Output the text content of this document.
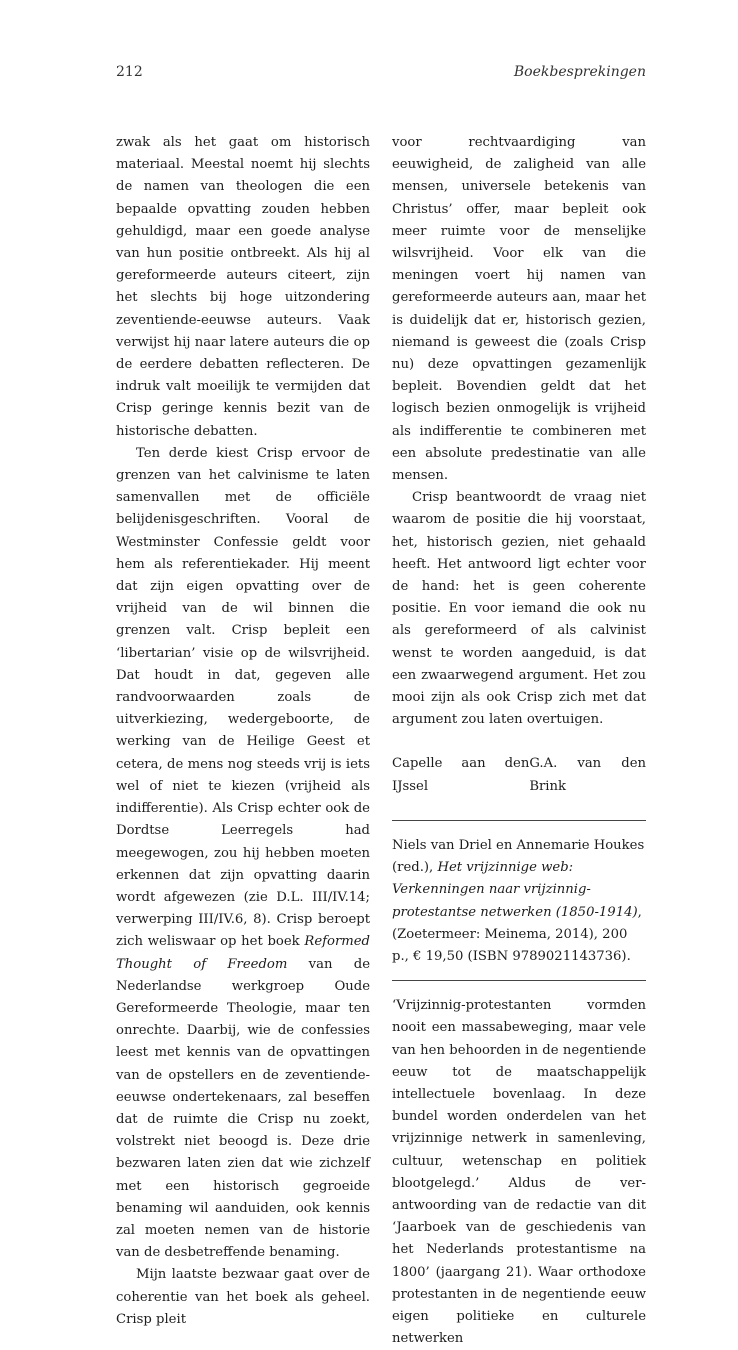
212	Boekbesprekingen

zwak als het gaat om historisch materiaal. Meestal noemt hij slechts de namen van theologen die een bepaalde opvatting zouden hebben gehuldigd, maar een goede analyse van hun positie ontbreekt. Als hij al gereformeerde auteurs citeert, zijn het slechts bij hoge uitzondering zeventiende-eeuwse auteurs. Vaak verwijst hij naar latere auteurs die op de eerdere debatten reflecteren. De indruk valt moeilijk te vermijden dat Crisp geringe kennis bezit van de historische debatten.

Ten derde kiest Crisp ervoor de grenzen van het calvinisme te laten samenvallen met de officiële belijdenisgeschriften. Vooral de Westminster Confessie geldt voor hem als referentiekader. Hij meent dat zijn eigen opvatting over de vrijheid van de wil binnen die grenzen valt. Crisp bepleit een ‘libertarian’ visie op de wilsvrijheid. Dat houdt in dat, gegeven alle randvoorwaarden zoals de uitverkiezing, wedergeboorte, de werking van de Heilige Geest et cetera, de mens nog steeds vrij is iets wel of niet te kiezen (vrijheid als indifferentie). Als Crisp echter ook de Dordtse Leerregels had meegewogen, zou hij hebben moeten erkennen dat zijn opvatting daarin wordt afgewezen (zie D.L. III/IV.14; verwerping III/IV.6, 8). Crisp beroept zich weliswaar op het boek Reformed Thought of Freedom van de Nederlandse werkgroep Oude Gereformeerde Theologie, maar ten onrechte. Daarbij, wie de confessies leest met kennis van de opvattingen van de opstellers en de zeventiende-eeuwse ondertekenaars, zal beseffen dat de ruimte die Crisp nu zoekt, volstrekt niet beoogd is. Deze drie bezwaren laten zien dat wie zichzelf met een historisch gegroeide benaming wil aanduiden, ook kennis zal moeten nemen van de historie van de desbetreffende benaming.

Mijn laatste bezwaar gaat over de coherentie van het boek als geheel. Crisp pleit

voor rechtvaardiging van eeuwigheid, de zaligheid van alle mensen, universele betekenis van Christus’ offer, maar bepleit ook meer ruimte voor de menselijke wilsvrijheid. Voor elk van die meningen voert hij namen van gereformeerde auteurs aan, maar het is duidelijk dat er, historisch gezien, niemand is geweest die (zoals Crisp nu) deze opvattingen gezamenlijk bepleit. Bovendien geldt dat het logisch bezien onmogelijk is vrijheid als indifferentie te combineren met een absolute predestinatie van alle mensen.

Crisp beantwoordt de vraag niet waarom de positie die hij voorstaat, het, historisch gezien, niet gehaald heeft. Het antwoord ligt echter voor de hand: het is geen coherente positie. En voor iemand die ook nu als gereformeerd of als calvinist wenst te worden aangeduid, is dat een zwaarwegend argument. Het zou mooi zijn als ook Crisp zich met dat argument zou laten overtuigen.

Capelle aan den IJssel
G.A. van den Brink

Niels van Driel en Annemarie Houkes (red.), Het vrijzinnige web: Verkenningen naar vrijzinnig-protestantse netwerken (1850-1914), (Zoetermeer: Meinema, 2014), 200 p., € 19,50 (ISBN 9789021143736).

‘Vrijzinnig-protestanten vormden nooit een massabeweging, maar vele van hen behoorden in de negentiende eeuw tot de maatschappelijk intellectuele bovenlaag. In deze bundel worden onderdelen van het vrijzinnige netwerk in samenleving, cultuur, wetenschap en politiek blootgelegd.’ Aldus de verantwoording van de redactie van dit ‘Jaarboek van de geschiedenis van het Nederlands protestantisme na 1800’ (jaargang 21). Waar orthodoxe protestanten in de negentiende eeuw eigen politieke en culturele netwerken
